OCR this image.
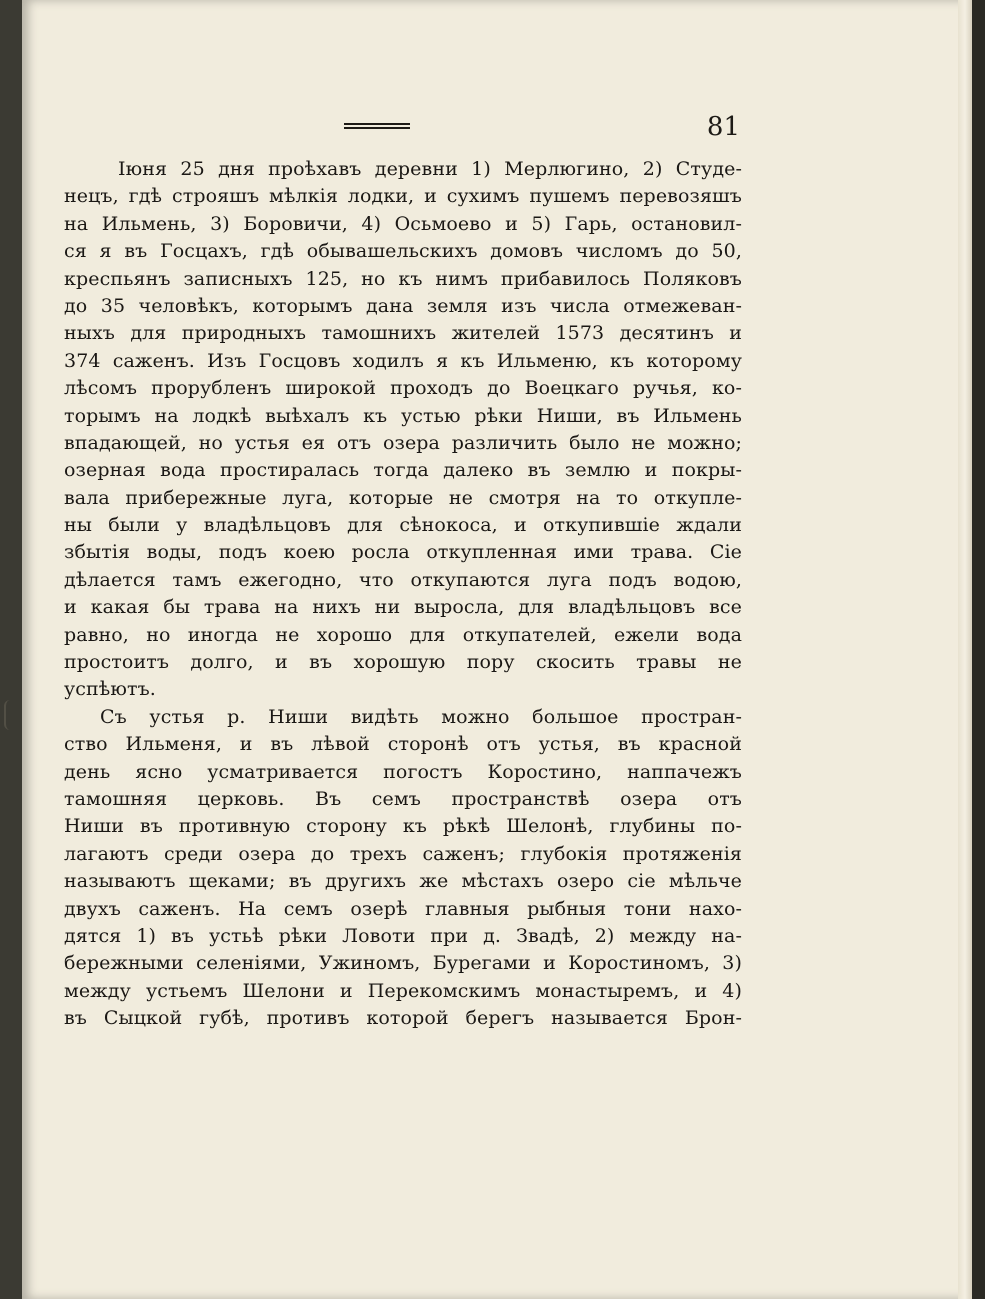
81
Іюня 25 дня проѣхавъ деревни 1) Мерлюгино, 2) Студе-
нецъ, гдѣ строяшъ мѣлкія лодки, и сухимъ пушемъ перевозяшъ
на Ильмень, 3) Боровичи, 4) Осьмоево и 5) Гарь, остановил-
ся я въ Госцахъ, гдѣ обывашельскихъ домовъ числомъ до 50,
креспьянъ записныхъ 125, но къ нимъ прибавилось Поляковъ
до 35 человѣкъ, которымъ дана земля изъ числа отмежеван-
ныхъ для природныхъ тамошнихъ жителей 1573 десятинъ и
374 саженъ. Изъ Госцовъ ходилъ я къ Ильменю, къ которому
лѣсомъ прорубленъ широкой проходъ до Воецкаго ручья, ко-
торымъ на лодкѣ выѣхалъ къ устью рѣки Ниши, въ Ильмень
впадающей, но устья ея отъ озера различить было не можно;
озерная вода простиралась тогда далеко въ землю и покры-
вала прибережные луга, которые не смотря на то откупле-
ны были у владѣльцовъ для сѣнокоса, и откупившіе ждали
збытія воды, подъ коею росла откупленная ими трава. Сіе
дѣлается тамъ ежегодно, что откупаются луга подъ водою,
и какая бы трава на нихъ ни выросла, для владѣльцовъ все
равно, но иногда не хорошо для откупателей, ежели вода
простоитъ долго, и въ хорошую пору скосить травы не
успѣютъ.
Съ устья р. Ниши видѣть можно большое простран-
ство Ильменя, и въ лѣвой сторонѣ отъ устья, въ красной
день ясно усматривается погостъ Коростино, наппачежъ
тамошняя церковь. Въ семъ пространствѣ озера отъ
Ниши въ противную сторону къ рѣкѣ Шелонѣ, глубины по-
лагаютъ среди озера до трехъ саженъ; глубокія протяженія
называютъ щеками; въ другихъ же мѣстахъ озеро сіе мѣльче
двухъ саженъ. На семъ озерѣ главныя рыбныя тони нахо-
дятся 1) въ устьѣ рѣки Ловоти при д. Звадѣ, 2) между на-
бережными селеніями, Ужиномъ, Бурегами и Коростиномъ, 3)
между устьемъ Шелони и Перекомскимъ монастыремъ, и 4)
въ Сыцкой губѣ, противъ которой берегъ называется Брон-
